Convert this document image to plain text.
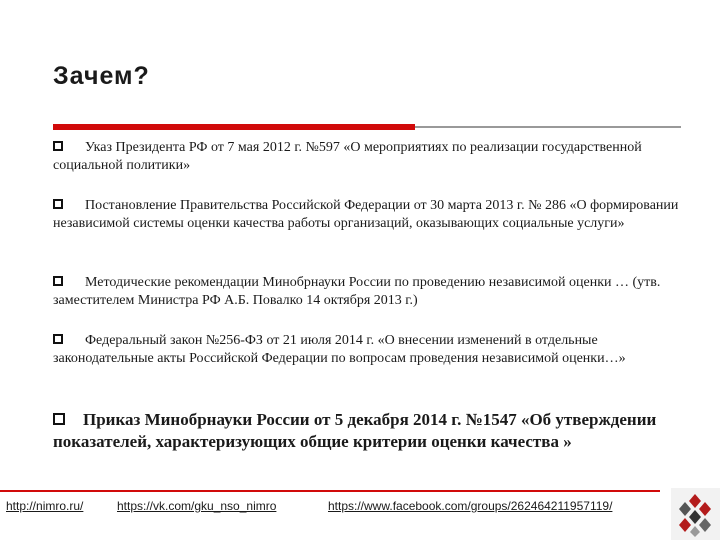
Зачем?
Указ Президента РФ от 7 мая 2012 г. №597 «О мероприятиях по реализации государственной социальной политики»
Постановление Правительства Российской Федерации от 30 марта 2013 г. № 286 «О формировании независимой системы оценки качества работы организаций, оказывающих социальные услуги»
Методические рекомендации Минобрнауки России по проведению независимой оценки … (утв. заместителем Министра РФ А.Б. Повалко 14 октября 2013 г.)
Федеральный закон №256-ФЗ от 21 июля 2014 г. «О внесении изменений в отдельные законодательные акты Российской Федерации по вопросам проведения независимой оценки…»
Приказ Минобрнауки России от 5 декабря 2014 г. №1547 «Об утверждении показателей, характеризующих общие критерии оценки качества »
http://nimro.ru/	https://vk.com/gku_nso_nimro	https://www.facebook.com/groups/262464211957119/
